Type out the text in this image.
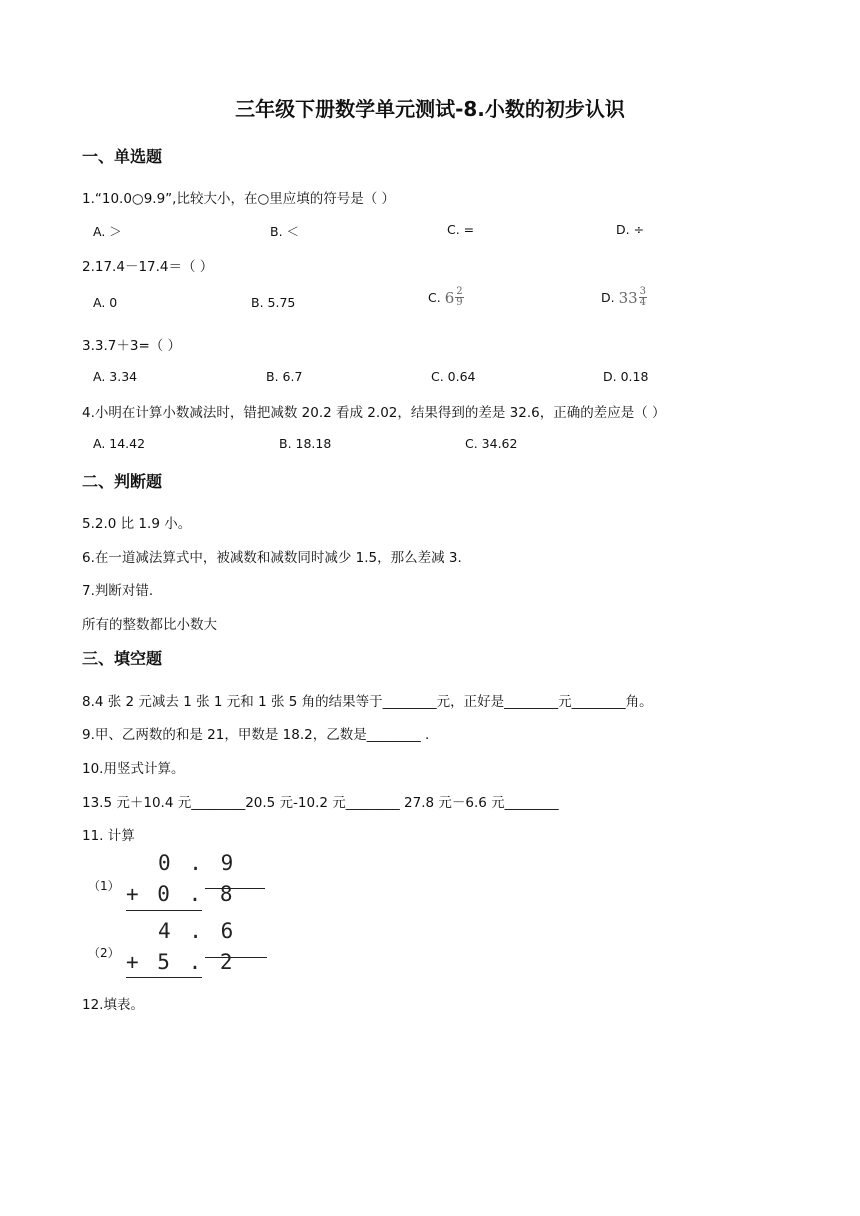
三年级下册数学单元测试-8.小数的初步认识
一、单选题
1.“10.0○9.9”,比较大小，在○里应填的符号是（ ）
A. ＞	B. ＜	C. =	D. ÷
2.17.4－17.4＝（ ）
A. 0	B. 5.75	C. $6 \frac{2}{9}$	D. $33 \frac{3}{4}$
3.3.7＋3=（ ）
A. 3.34	B. 6.7	C. 0.64	D. 0.18
4.小明在计算小数减法时，错把减数 20.2 看成 2.02，结果得到的差是 32.6，正确的差应是（ ）
A. 14.42	B. 18.18	C. 34.62
二、判断题
5.2.0 比 1.9 小。
6.在一道减法算式中，被减数和减数同时减少 1.5，那么差减 3.
7.判断对错.
所有的整数都比小数大
三、填空题
8.4 张 2 元减去 1 张 1 元和 1 张 5 角的结果等于________元，正好是________元________角。
9.甲、乙两数的和是 21，甲数是 18.2，乙数是________ .
10.用竖式计算。
13.5 元＋10.4 元________20.5 元-10.2 元________ 27.8 元－6.6 元________
11. 计算
（1）
0 . 9
+ 0 . 8
（2）
4 . 6
+ 5 . 2
12.填表。
